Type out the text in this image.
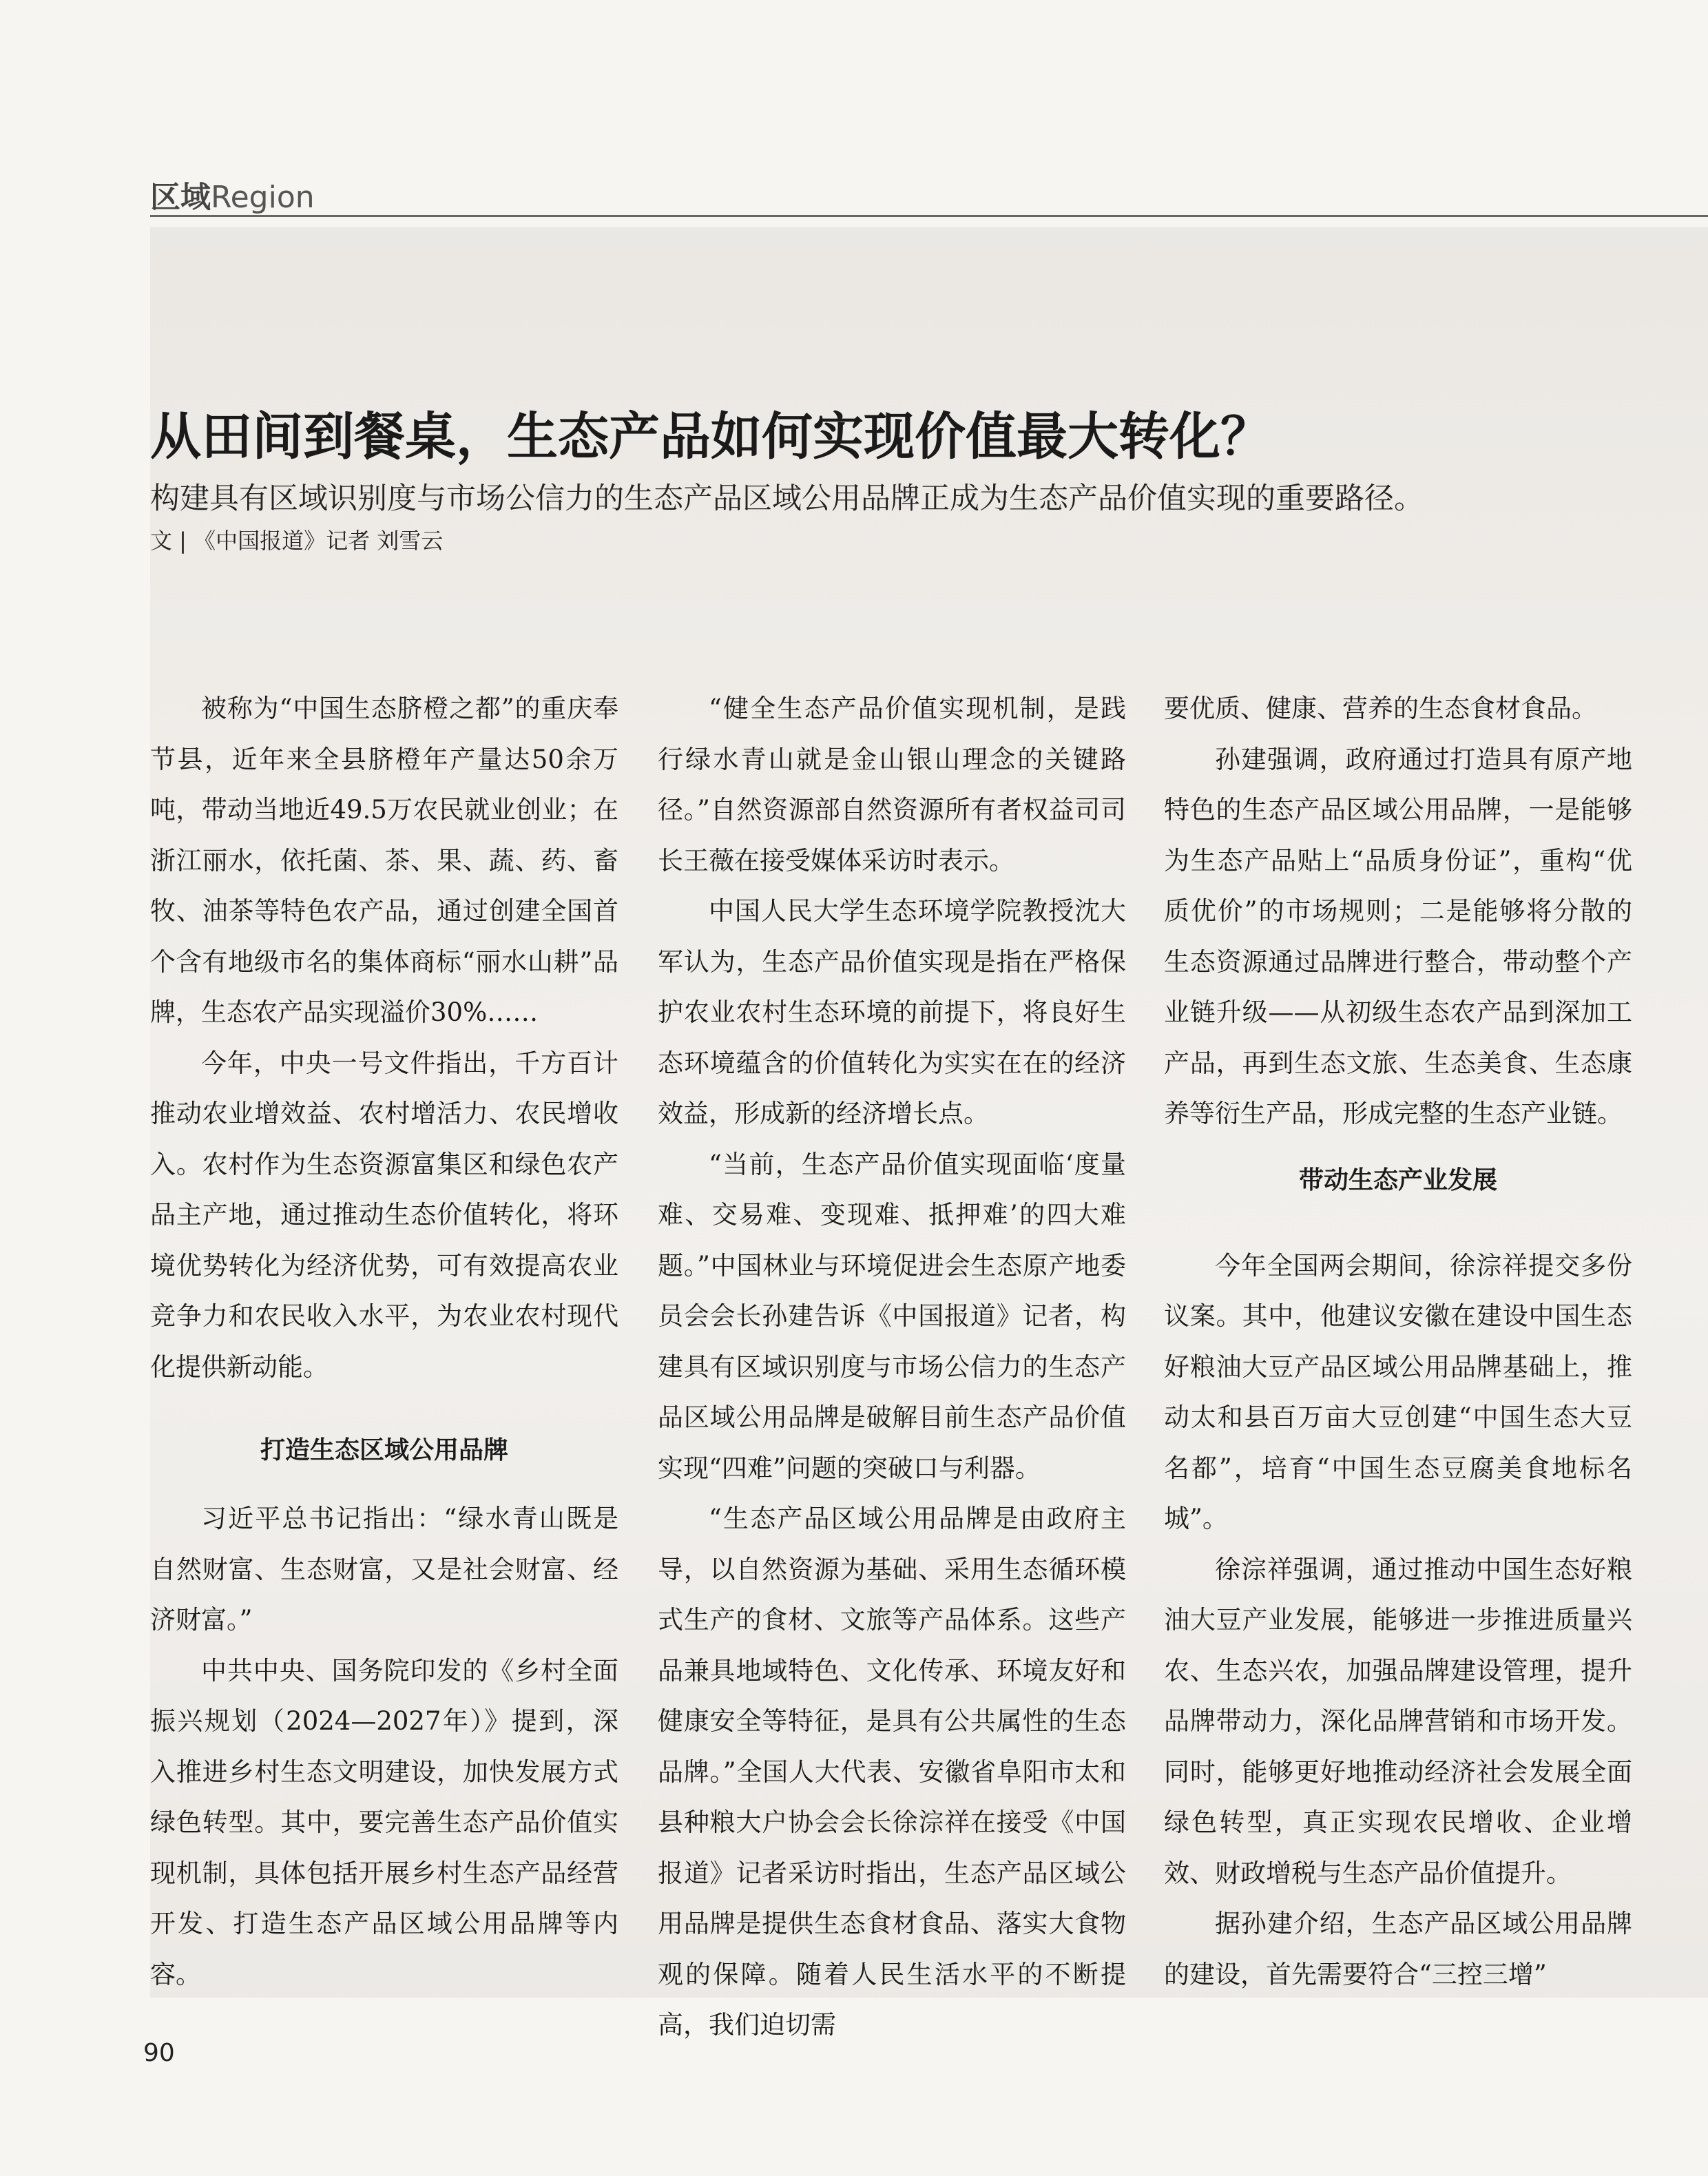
区域Region
从田间到餐桌，生态产品如何实现价值最大转化？
构建具有区域识别度与市场公信力的生态产品区域公用品牌正成为生态产品价值实现的重要路径。
文 | 《中国报道》记者 刘雪云

被称为“中国生态脐橙之都”的重庆奉节县，近年来全县脐橙年产量达50余万吨，带动当地近49.5万农民就业创业；在浙江丽水，依托菌、茶、果、蔬、药、畜牧、油茶等特色农产品，通过创建全国首个含有地级市名的集体商标“丽水山耕”品牌，生态农产品实现溢价30%……

今年，中央一号文件指出，千方百计推动农业增效益、农村增活力、农民增收入。农村作为生态资源富集区和绿色农产品主产地，通过推动生态价值转化，将环境优势转化为经济优势，可有效提高农业竞争力和农民收入水平，为农业农村现代化提供新动能。

打造生态区域公用品牌

习近平总书记指出：“绿水青山既是自然财富、生态财富，又是社会财富、经济财富。”

中共中央、国务院印发的《乡村全面振兴规划（2024—2027年）》提到，深入推进乡村生态文明建设，加快发展方式绿色转型。其中，要完善生态产品价值实现机制，具体包括开展乡村生态产品经营开发、打造生态产品区域公用品牌等内容。

“健全生态产品价值实现机制，是践行绿水青山就是金山银山理念的关键路径。”自然资源部自然资源所有者权益司司长王薇在接受媒体采访时表示。

中国人民大学生态环境学院教授沈大军认为，生态产品价值实现是指在严格保护农业农村生态环境的前提下，将良好生态环境蕴含的价值转化为实实在在的经济效益，形成新的经济增长点。

“当前，生态产品价值实现面临‘度量难、交易难、变现难、抵押难’的四大难题。”中国林业与环境促进会生态原产地委员会会长孙建告诉《中国报道》记者，构建具有区域识别度与市场公信力的生态产品区域公用品牌是破解目前生态产品价值实现“四难”问题的突破口与利器。

“生态产品区域公用品牌是由政府主导，以自然资源为基础、采用生态循环模式生产的食材、文旅等产品体系。这些产品兼具地域特色、文化传承、环境友好和健康安全等特征，是具有公共属性的生态品牌。”全国人大代表、安徽省阜阳市太和县种粮大户协会会长徐淙祥在接受《中国报道》记者采访时指出，生态产品区域公用品牌是提供生态食材食品、落实大食物观的保障。随着人民生活水平的不断提高，我们迫切需

要优质、健康、营养的生态食材食品。

孙建强调，政府通过打造具有原产地特色的生态产品区域公用品牌，一是能够为生态产品贴上“品质身份证”，重构“优质优价”的市场规则；二是能够将分散的生态资源通过品牌进行整合，带动整个产业链升级——从初级生态农产品到深加工产品，再到生态文旅、生态美食、生态康养等衍生产品，形成完整的生态产业链。

带动生态产业发展

今年全国两会期间，徐淙祥提交多份议案。其中，他建议安徽在建设中国生态好粮油大豆产品区域公用品牌基础上，推动太和县百万亩大豆创建“中国生态大豆名都”，培育“中国生态豆腐美食地标名城”。

徐淙祥强调，通过推动中国生态好粮油大豆产业发展，能够进一步推进质量兴农、生态兴农，加强品牌建设管理，提升品牌带动力，深化品牌营销和市场开发。同时，能够更好地推动经济社会发展全面绿色转型，真正实现农民增收、企业增效、财政增税与生态产品价值提升。

据孙建介绍，生态产品区域公用品牌的建设，首先需要符合“三控三增”

90
